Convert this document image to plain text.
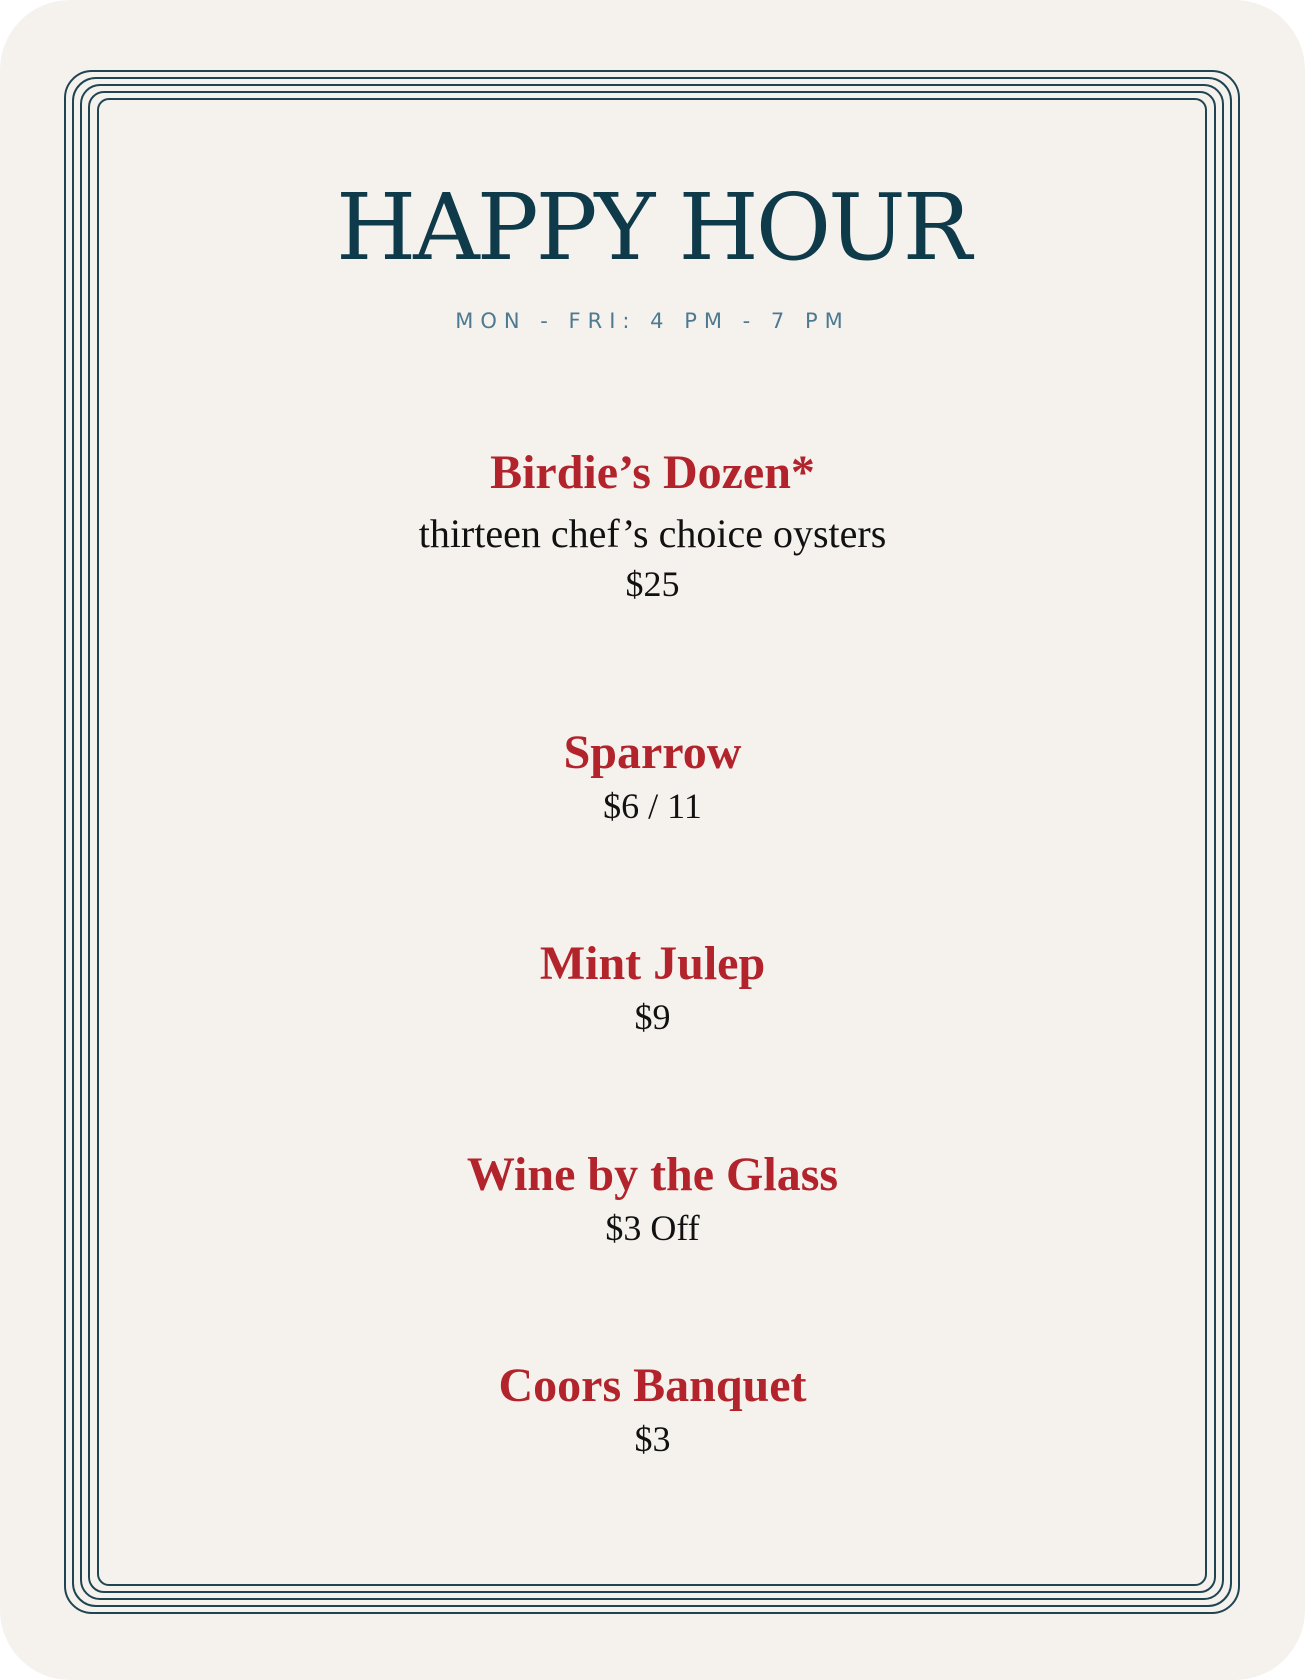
HAPPY HOUR
MON - FRI: 4 PM - 7 PM

Birdie’s Dozen*

thirteen chef’s choice oysters

$25

Sparrow

$6 / 11

Mint Julep

$9

Wine by the Glass

$3 Off

Coors Banquet

$3
